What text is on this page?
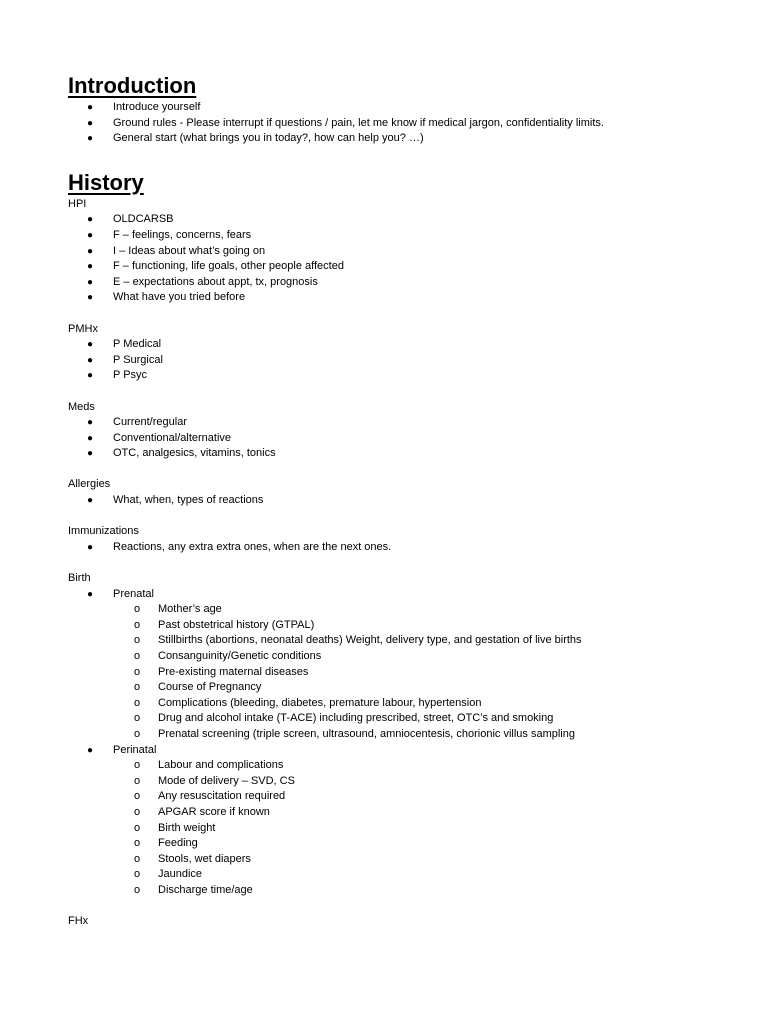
Introduction
● Introduce yourself
● Ground rules - Please interrupt if questions / pain, let me know if medical jargon, confidentiality limits.
● General start (what brings you in today?, how can help you? …)
History

HPI

● OLDCARSB
● F – feelings, concerns, fears
● I – Ideas about what’s going on
● F – functioning, life goals, other people affected
● E – expectations about appt, tx, prognosis
● What have you tried before

PMHx

● P Medical
● P Surgical
● P Psyc

Meds

● Current/regular
● Conventional/alternative
● OTC, analgesics, vitamins, tonics

Allergies

● What, when, types of reactions

Immunizations

● Reactions, any extra extra ones, when are the next ones.

Birth

● Prenatal
o Mother’s age
o Past obstetrical history (GTPAL)
o Stillbirths (abortions, neonatal deaths) Weight, delivery type, and gestation of live births
o Consanguinity/Genetic conditions
o Pre-existing maternal diseases
o Course of Pregnancy
o Complications (bleeding, diabetes, premature labour, hypertension
o Drug and alcohol intake (T-ACE) including prescribed, street, OTC’s and smoking
o Prenatal screening (triple screen, ultrasound, amniocentesis, chorionic villus sampling
● Perinatal
o Labour and complications
o Mode of delivery – SVD, CS
o Any resuscitation required
o APGAR score if known
o Birth weight
o Feeding
o Stools, wet diapers
o Jaundice
o Discharge time/age

FHx
